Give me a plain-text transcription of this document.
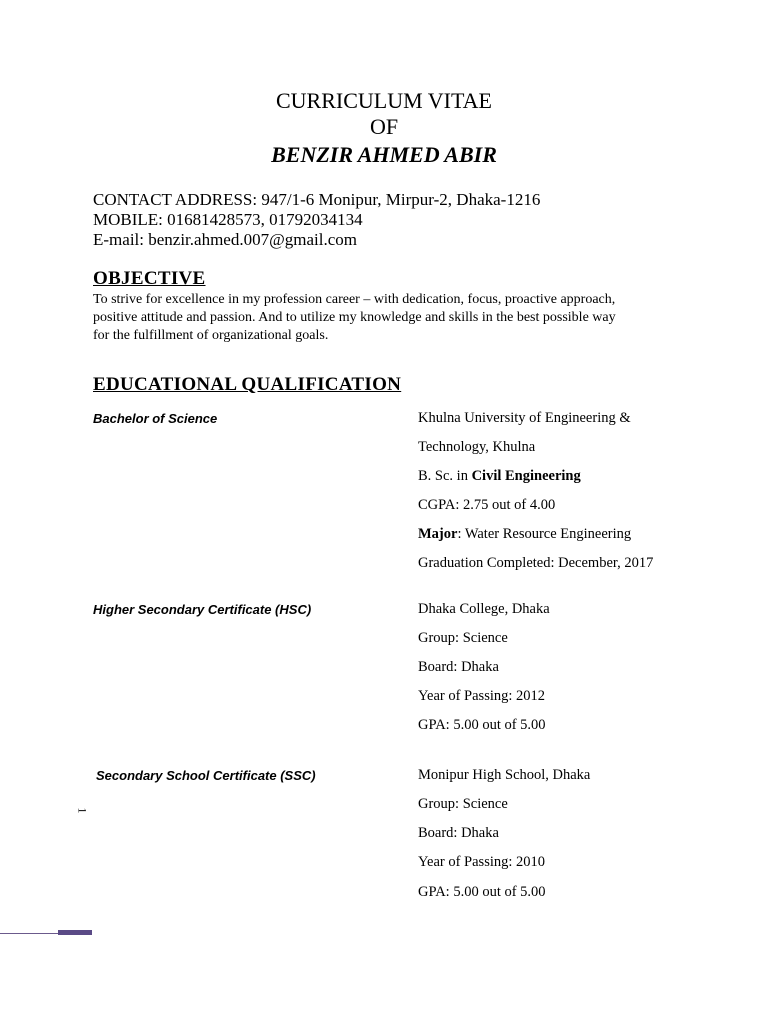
CURRICULUM VITAE
OF
BENZIR AHMED ABIR
CONTACT ADDRESS: 947/1-6 Monipur, Mirpur-2, Dhaka-1216
MOBILE: 01681428573, 01792034134
E-mail: benzir.ahmed.007@gmail.com
OBJECTIVE
To strive for excellence in my profession career – with dedication, focus, proactive approach,
positive attitude and passion. And to utilize my knowledge and skills in the best possible way
for the fulfillment of organizational goals.
EDUCATIONAL QUALIFICATION
Bachelor of Science	Khulna University of Engineering &
Technology, Khulna
B. Sc. in Civil Engineering
CGPA: 2.75 out of 4.00
Major: Water Resource Engineering
Graduation Completed: December, 2017
Higher Secondary Certificate (HSC)	Dhaka College, Dhaka
Group: Science
Board: Dhaka
Year of Passing: 2012
GPA: 5.00 out of 5.00
Secondary School Certificate (SSC)	Monipur High School, Dhaka
Group: Science
Board: Dhaka
Year of Passing: 2010
GPA: 5.00 out of 5.00
1
